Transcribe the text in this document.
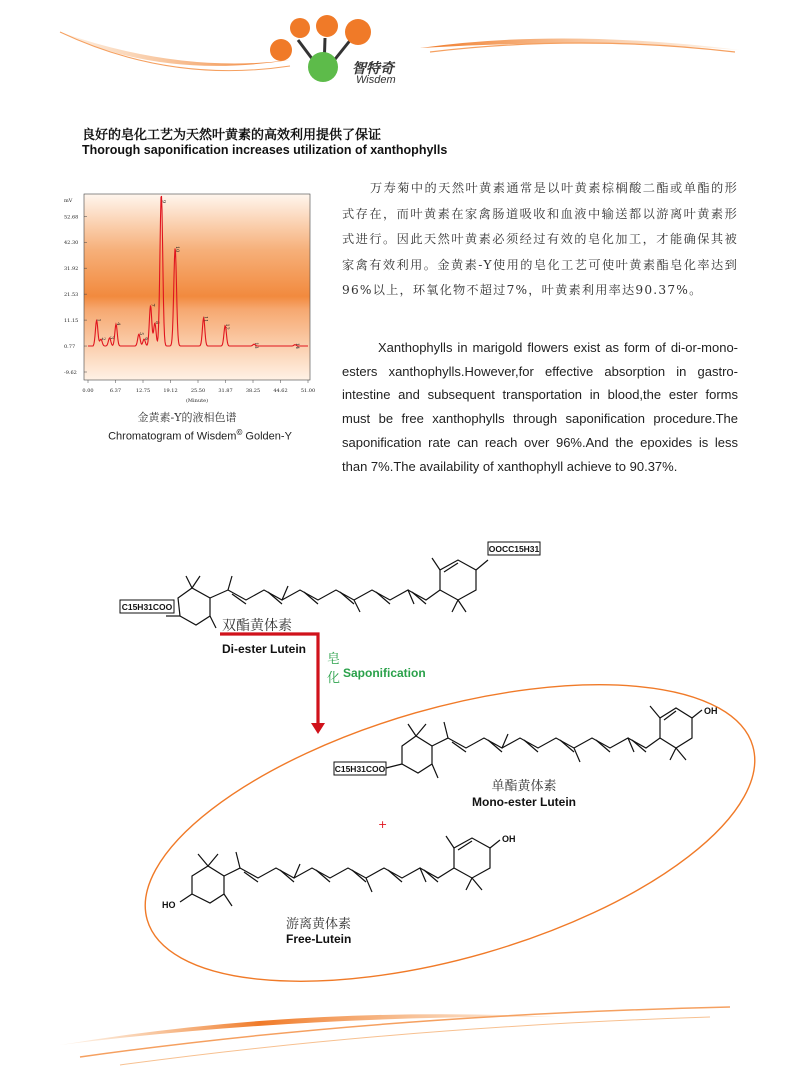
智特奇
Wisdem
良好的皂化工艺为天然叶黄素的高效利用提供了保证
Thorough saponification increases utilization of xanthophylls
52.68
42.30
31.92
21.53
11.15
0.77
-9.62
0.00	6.37	12.75	19.12	25.50	31.87	38.25	44.62	51.00
1
2 3
4
5
6
7
8
9
10
11
12
13	14
mV
(Minute)
金黄素-Y的液相色谱
Chromatogram of Wisdem© Golden-Y
万寿菊中的天然叶黄素通常是以叶黄素棕榈酸二酯或单酯的形式存在，而叶黄素在家禽肠道吸收和血液中输送都以游离叶黄素形式进行。因此天然叶黄素必须经过有效的皂化加工，才能确保其被家禽有效利用。金黄素-Y使用的皂化工艺可使叶黄素酯皂化率达到96%以上，环氧化物不超过7%，叶黄素利用率达90.37%。
Xanthophylls in marigold flowers exist as form of di-or-mono-esters xanthophylls.However,for effective absorption in gastro-intestine and subsequent transportation in blood,the ester forms must be free xanthophylls through saponification procedure.The saponification rate can reach over 96%.And the epoxides is less than 7%.The availability of xanthophyll achieve to 90.37%.
OOCC15H31
C15H31COO
双酯黄体素
Di-ester Lutein
皂
化 Saponification
OH
C15H31COO
单酯黄体素
Mono-ester Lutein
+
OH
HO
游离黄体素
Free-Lutein
